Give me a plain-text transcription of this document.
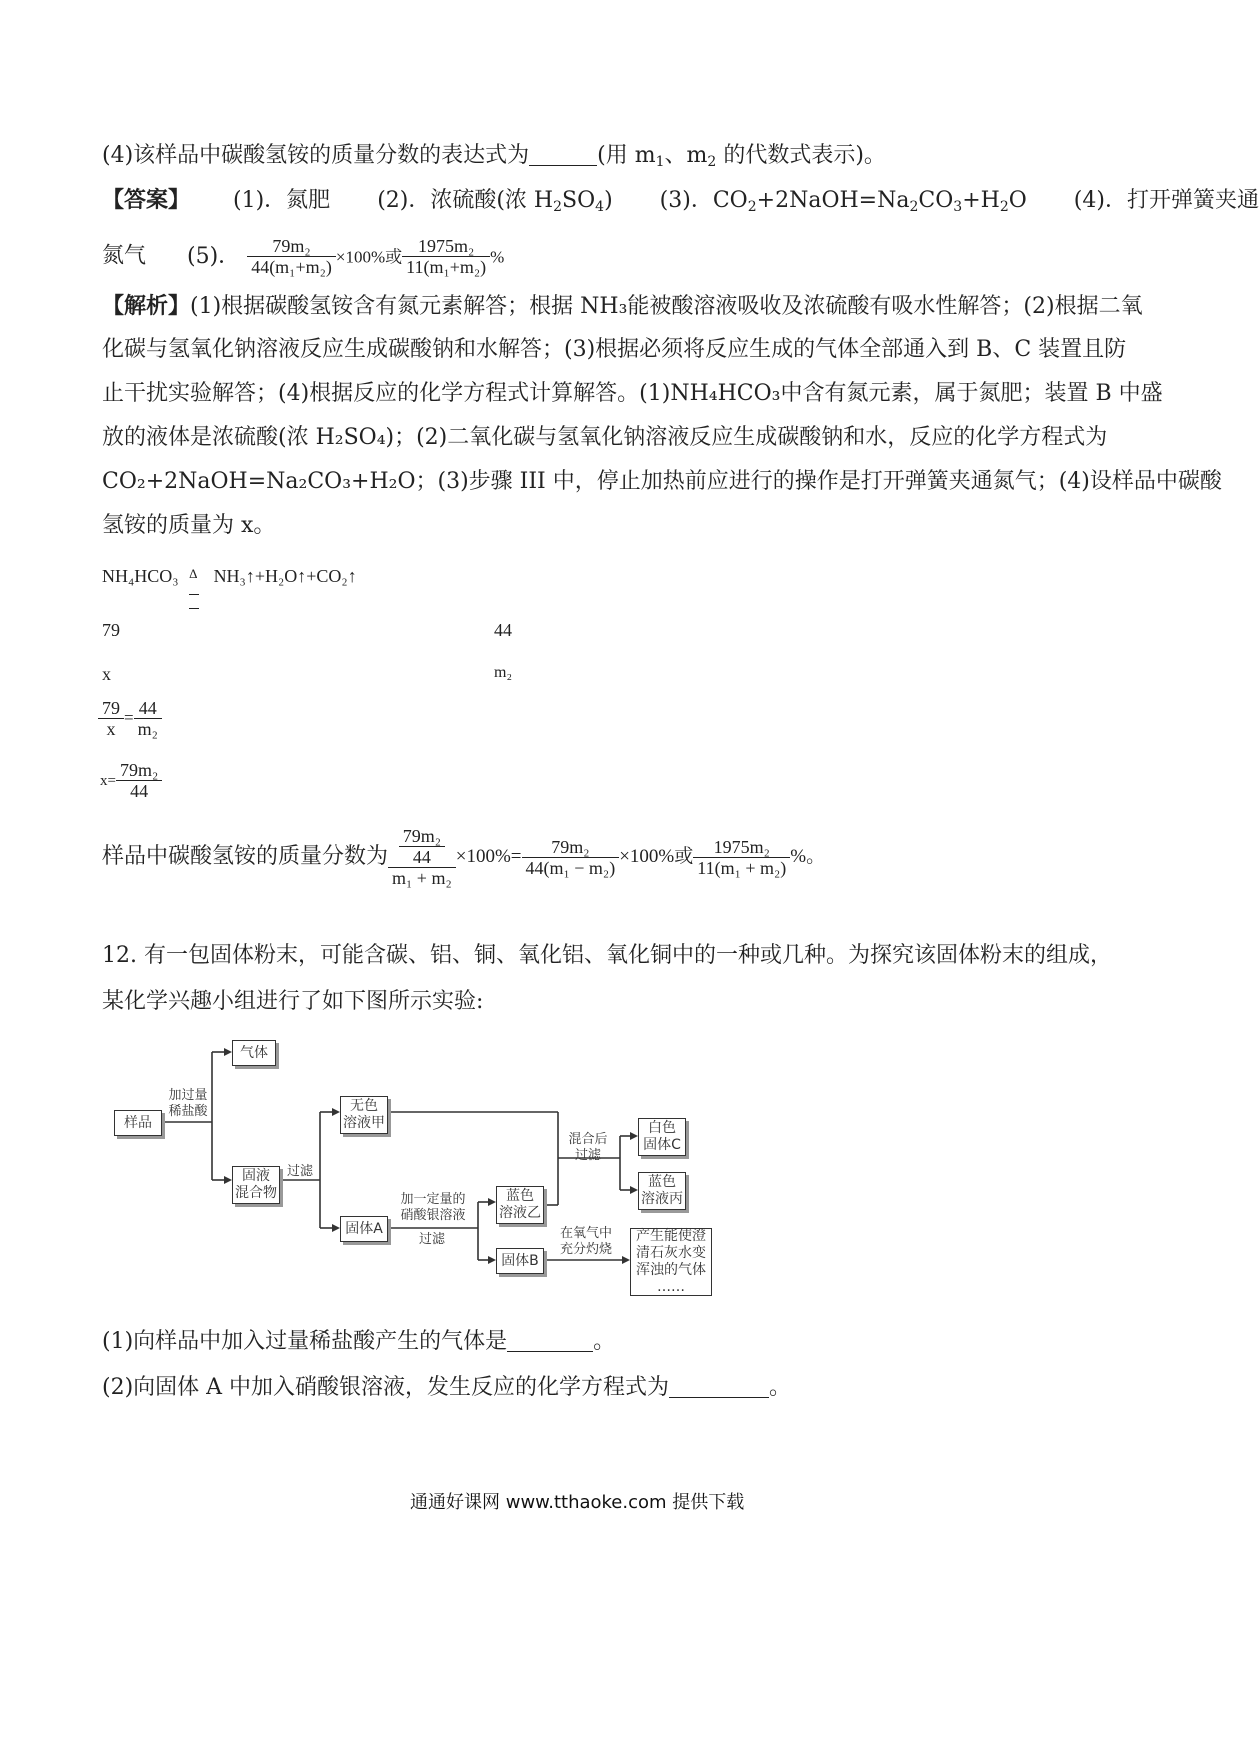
(4)该样品中碳酸氢铵的质量分数的表达式为	(用 $m_1$、$m_2$ 的代数式表示)。
【答案】 (1)．氮肥 (2)．浓硫酸(浓 $H_2SO_4$) (3)．$CO_2+2NaOH=Na_2CO_3+H_2O$ (4)．打开弹簧夹通
氮气 (5)． $\frac{\text{79m₂}}{\text{44(m₁+m₂)}} \times 100\%$或 $\frac{\text{1975m₂}}{\text{11(m₁+m₂)}}$ %
【解析】(1)根据碳酸氢铵含有氮元素解答；根据 NH₃能被酸溶液吸收及浓硫酸有吸水性解答；(2)根据二氧
化碳与氢氧化钠溶液反应生成碳酸钠和水解答；(3)根据必须将反应生成的气体全部通入到 B、C 装置且防
止干扰实验解答；(4)根据反应的化学方程式计算解答。(1)NH₄HCO₃中含有氮元素，属于氮肥；装置 B 中盛
放的液体是浓硫酸(浓 H₂SO₄)；(2)二氧化碳与氢氧化钠溶液反应生成碳酸钠和水，反应的化学方程式为
CO₂+2NaOH=Na₂CO₃+H₂O；(3)步骤 III 中，停止加热前应进行的操作是打开弹簧夹通氮气；(4)设样品中碳酸
氢铵的质量为 x。
NH₄HCO₃ Δ NH₃↑+H₂O↑+CO₂↑
79	44
x	m₂
$\frac{79}{x} = \frac{44}{\text{m₂}}$
$x= \frac{\text{79m₂}}{44}$
样品中碳酸氢铵的质量分数为 $\frac{\frac{\text{79m₂}}{44}}{\text{m₁ + m₂}} \times 100\%= \frac{\text{79m₂}}{\text{44(m₁ − m₂)}} \times 100\%$或 $\frac{\text{1975m₂}}{\text{11(m₁ + m₂)}}$ %。
12. 有一包固体粉末，可能含碳、铝、铜、氧化铝、氧化铜中的一种或几种。为探究该固体粉末的组成，
某化学兴趣小组进行了如下图所示实验:
样品
加过量
稀盐酸
气体
固液
混合物
过滤
无色
溶液甲
固体A
加一定量的
硝酸银溶液
过滤
蓝色
溶液乙
固体B
混合后
过滤
白色
固体C
蓝色
溶液丙
在氧气中
充分灼烧
产生能使澄
清石灰水变
浑浊的气体
……
(1)向样品中加入过量稀盐酸产生的气体是	。
(2)向固体 A 中加入硝酸银溶液，发生反应的化学方程式为	。
通通好课网 www.tthaoke.com 提供下载
